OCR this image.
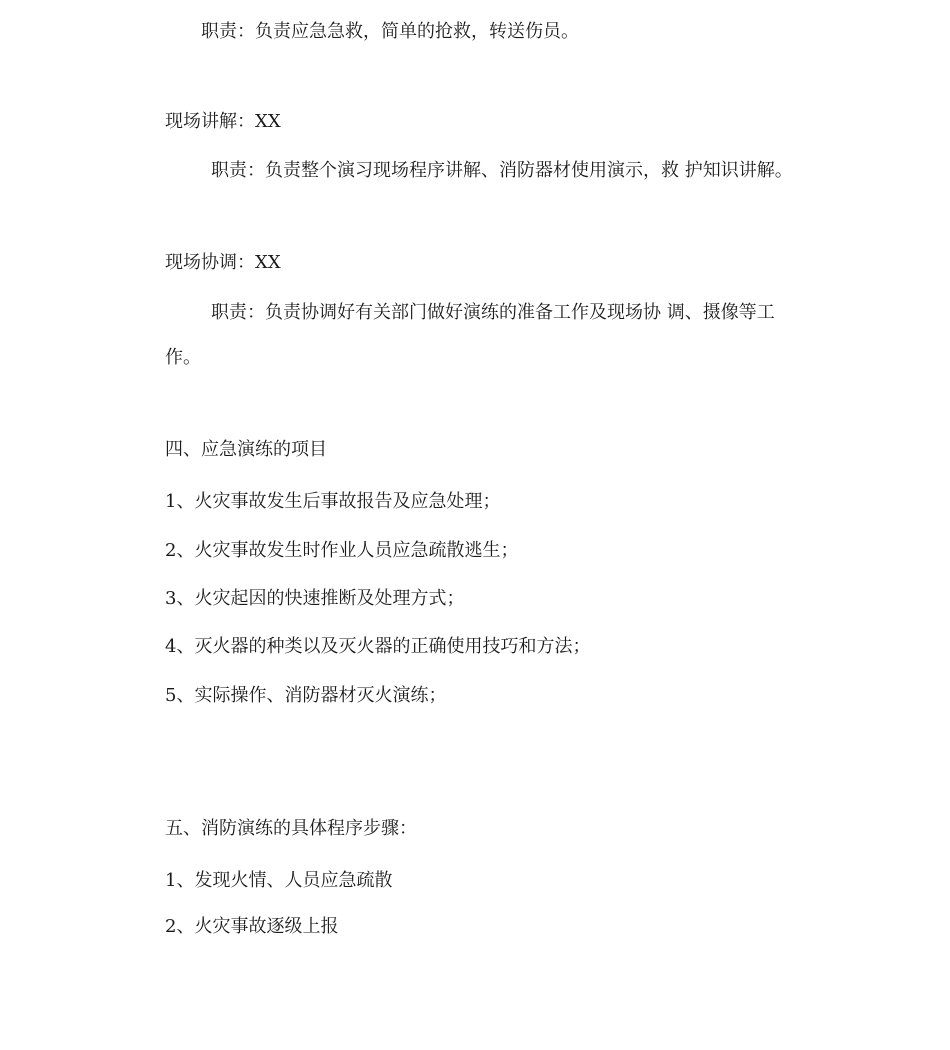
职责：负责应急急救，简单的抢救，转送伤员。
现场讲解：XX
职责：负责整个演习现场程序讲解、消防器材使用演示，救 护知识讲解。
现场协调：XX
职责：负责协调好有关部门做好演练的准备工作及现场协 调、摄像等工
作。
四、应急演练的项目
1、火灾事故发生后事故报告及应急处理；
2、火灾事故发生时作业人员应急疏散逃生；
3、火灾起因的快速推断及处理方式；
4、灭火器的种类以及灭火器的正确使用技巧和方法；
5、实际操作、消防器材灭火演练；
五、消防演练的具体程序步骤：
1、发现火情、人员应急疏散
2、火灾事故逐级上报
